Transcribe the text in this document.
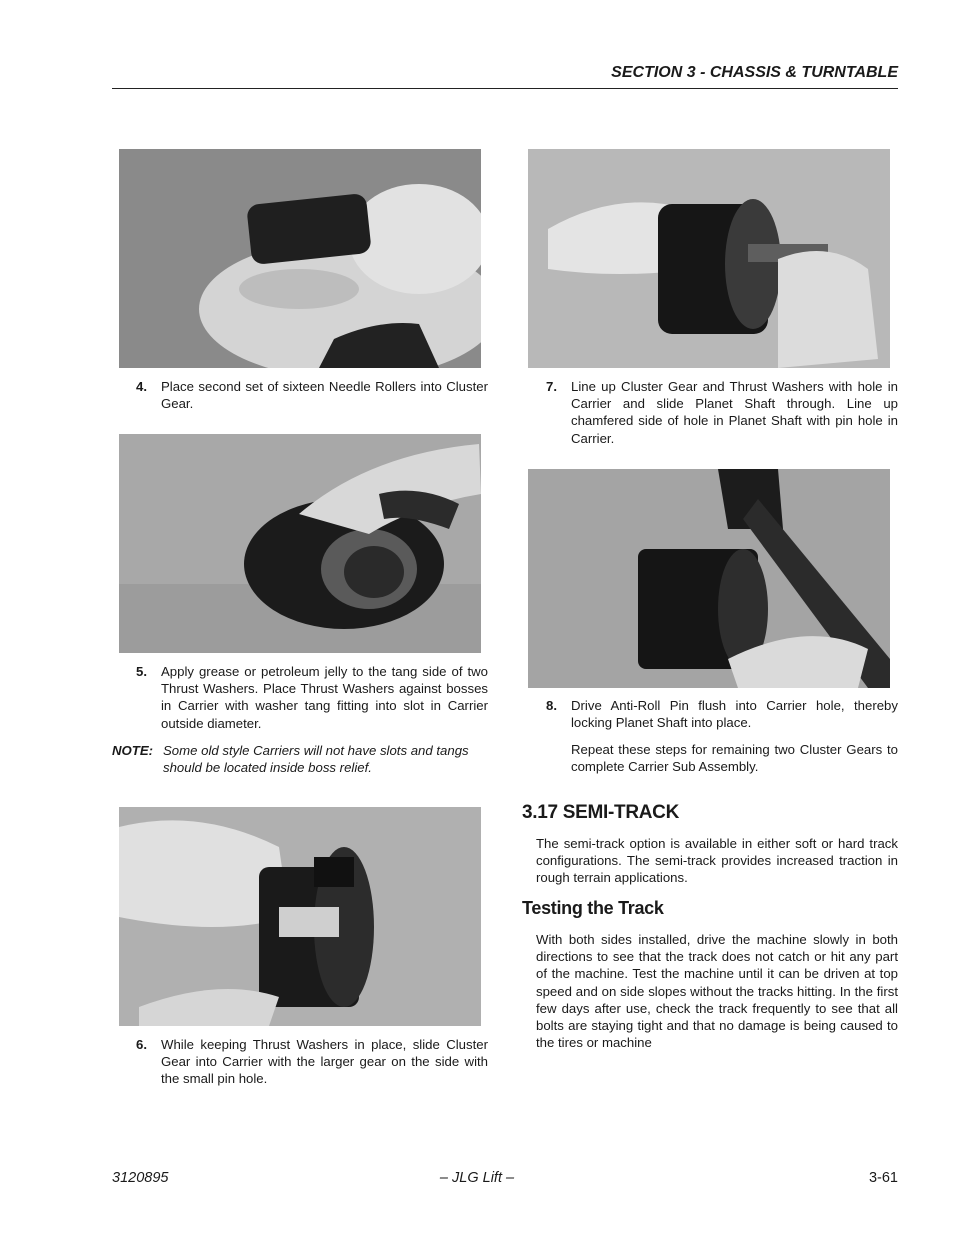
SECTION 3 - CHASSIS & TURNTABLE
4. Place second set of sixteen Needle Rollers into Cluster Gear.
5. Apply grease or petroleum jelly to the tang side of two Thrust Washers. Place Thrust Washers against bosses in Carrier with washer tang fitting into slot in Carrier outside diameter.
NOTE: Some old style Carriers will not have slots and tangs should be located inside boss relief.
6. While keeping Thrust Washers in place, slide Cluster Gear into Carrier with the larger gear on the side with the small pin hole.
7. Line up Cluster Gear and Thrust Washers with hole in Carrier and slide Planet Shaft through. Line up chamfered side of hole in Planet Shaft with pin hole in Carrier.
8. Drive Anti-Roll Pin flush into Carrier hole, thereby locking Planet Shaft into place.
Repeat these steps for remaining two Cluster Gears to complete Carrier Sub Assembly.
3.17 SEMI-TRACK
The semi-track option is available in either soft or hard track configurations. The semi-track provides increased traction in rough terrain applications.
Testing the Track
With both sides installed, drive the machine slowly in both directions to see that the track does not catch or hit any part of the machine. Test the machine until it can be driven at top speed and on side slopes without the tracks hitting. In the first few days after use, check the track frequently to see that all bolts are staying tight and that no damage is being caused to the tires or machine
3120895	– JLG Lift –	3-61
